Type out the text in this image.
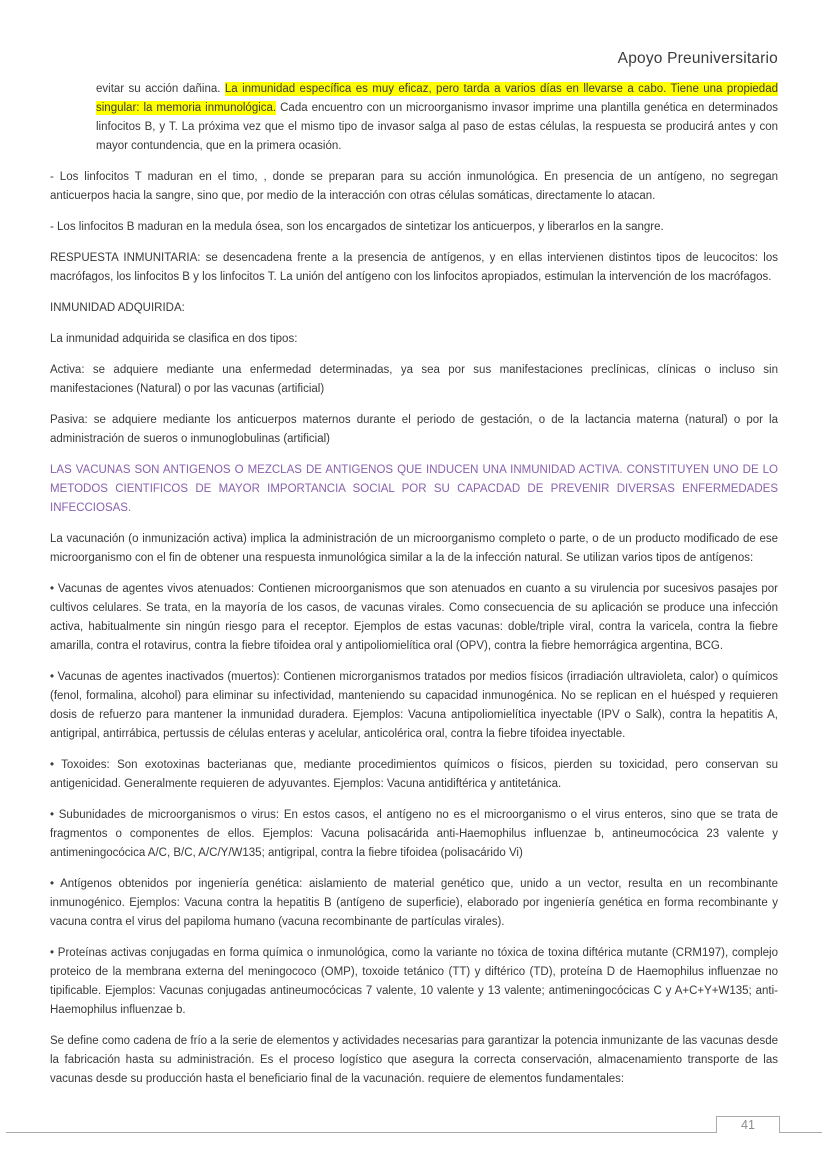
Apoyo Preuniversitario

evitar su acción dañina. La inmunidad específica es muy eficaz, pero tarda a varios días en llevarse a cabo. Tiene una propiedad singular: la memoria inmunológica. Cada encuentro con un microorganismo invasor imprime una plantilla genética en determinados linfocitos B, y T. La próxima vez que el mismo tipo de invasor salga al paso de estas células, la respuesta se producirá antes y con mayor contundencia, que en la primera ocasión.

- Los linfocitos T maduran en el timo, , donde se preparan para su acción inmunológica. En presencia de un antígeno, no segregan anticuerpos hacia la sangre, sino que, por medio de la interacción con otras células somáticas, directamente lo atacan.

- Los linfocitos B maduran en la medula ósea, son los encargados de sintetizar los anticuerpos, y liberarlos en la sangre.

RESPUESTA INMUNITARIA: se desencadena frente a la presencia de antígenos, y en ellas intervienen distintos tipos de leucocitos: los macrófagos, los linfocitos B y los linfocitos T. La unión del antígeno con los linfocitos apropiados, estimulan la intervención de los macrófagos.

INMUNIDAD ADQUIRIDA:

La inmunidad adquirida se clasifica en dos tipos:

Activa: se adquiere mediante una enfermedad determinadas, ya sea por sus manifestaciones preclínicas, clínicas o incluso sin manifestaciones (Natural) o por las vacunas (artificial)

Pasiva: se adquiere mediante los anticuerpos maternos durante el periodo de gestación, o de la lactancia materna (natural) o por la administración de sueros o inmunoglobulinas (artificial)

LAS VACUNAS SON ANTIGENOS O MEZCLAS DE ANTIGENOS QUE INDUCEN UNA INMUNIDAD ACTIVA. CONSTITUYEN UNO DE LO METODOS CIENTIFICOS DE MAYOR IMPORTANCIA SOCIAL POR SU CAPACDAD DE PREVENIR DIVERSAS ENFERMEDADES INFECCIOSAS.

La vacunación (o inmunización activa) implica la administración de un microorganismo completo o parte, o de un producto modificado de ese microorganismo con el fin de obtener una respuesta inmunológica similar a la de la infección natural. Se utilizan varios tipos de antígenos:

• Vacunas de agentes vivos atenuados: Contienen microorganismos que son atenuados en cuanto a su virulencia por sucesivos pasajes por cultivos celulares. Se trata, en la mayoría de los casos, de vacunas virales. Como consecuencia de su aplicación se produce una infección activa, habitualmente sin ningún riesgo para el receptor. Ejemplos de estas vacunas: doble/triple viral, contra la varicela, contra la fiebre amarilla, contra el rotavirus, contra la fiebre tifoidea oral y antipoliomielítica oral (OPV), contra la fiebre hemorrágica argentina, BCG.

• Vacunas de agentes inactivados (muertos): Contienen microrganismos tratados por medios físicos (irradiación ultravioleta, calor) o químicos (fenol, formalina, alcohol) para eliminar su infectividad, manteniendo su capacidad inmunogénica. No se replican en el huésped y requieren dosis de refuerzo para mantener la inmunidad duradera. Ejemplos: Vacuna antipoliomielítica inyectable (IPV o Salk), contra la hepatitis A, antigripal, antirrábica, pertussis de células enteras y acelular, anticolérica oral, contra la fiebre tifoidea inyectable.

• Toxoides: Son exotoxinas bacterianas que, mediante procedimientos químicos o físicos, pierden su toxicidad, pero conservan su antigenicidad. Generalmente requieren de adyuvantes. Ejemplos: Vacuna antidiftérica y antitetánica.

• Subunidades de microorganismos o virus: En estos casos, el antígeno no es el microorganismo o el virus enteros, sino que se trata de fragmentos o componentes de ellos. Ejemplos: Vacuna polisacárida anti-Haemophilus influenzae b, antineumocócica 23 valente y antimeningocócica A/C, B/C, A/C/Y/W135; antigripal, contra la fiebre tifoidea (polisacárido Vi)

• Antígenos obtenidos por ingeniería genética: aislamiento de material genético que, unido a un vector, resulta en un recombinante inmunogénico. Ejemplos: Vacuna contra la hepatitis B (antígeno de superficie), elaborado por ingeniería genética en forma recombinante y vacuna contra el virus del papiloma humano (vacuna recombinante de partículas virales).

• Proteínas activas conjugadas en forma química o inmunológica, como la variante no tóxica de toxina diftérica mutante (CRM197), complejo proteico de la membrana externa del meningococo (OMP), toxoide tetánico (TT) y diftérico (TD), proteína D de Haemophilus influenzae no tipificable. Ejemplos: Vacunas conjugadas antineumocócicas 7 valente, 10 valente y 13 valente; antimeningocócicas C y A+C+Y+W135; anti-Haemophilus influenzae b.

Se define como cadena de frío a la serie de elementos y actividades necesarias para garantizar la potencia inmunizante de las vacunas desde la fabricación hasta su administración. Es el proceso logístico que asegura la correcta conservación, almacenamiento transporte de las vacunas desde su producción hasta el beneficiario final de la vacunación. requiere de elementos fundamentales:

41
